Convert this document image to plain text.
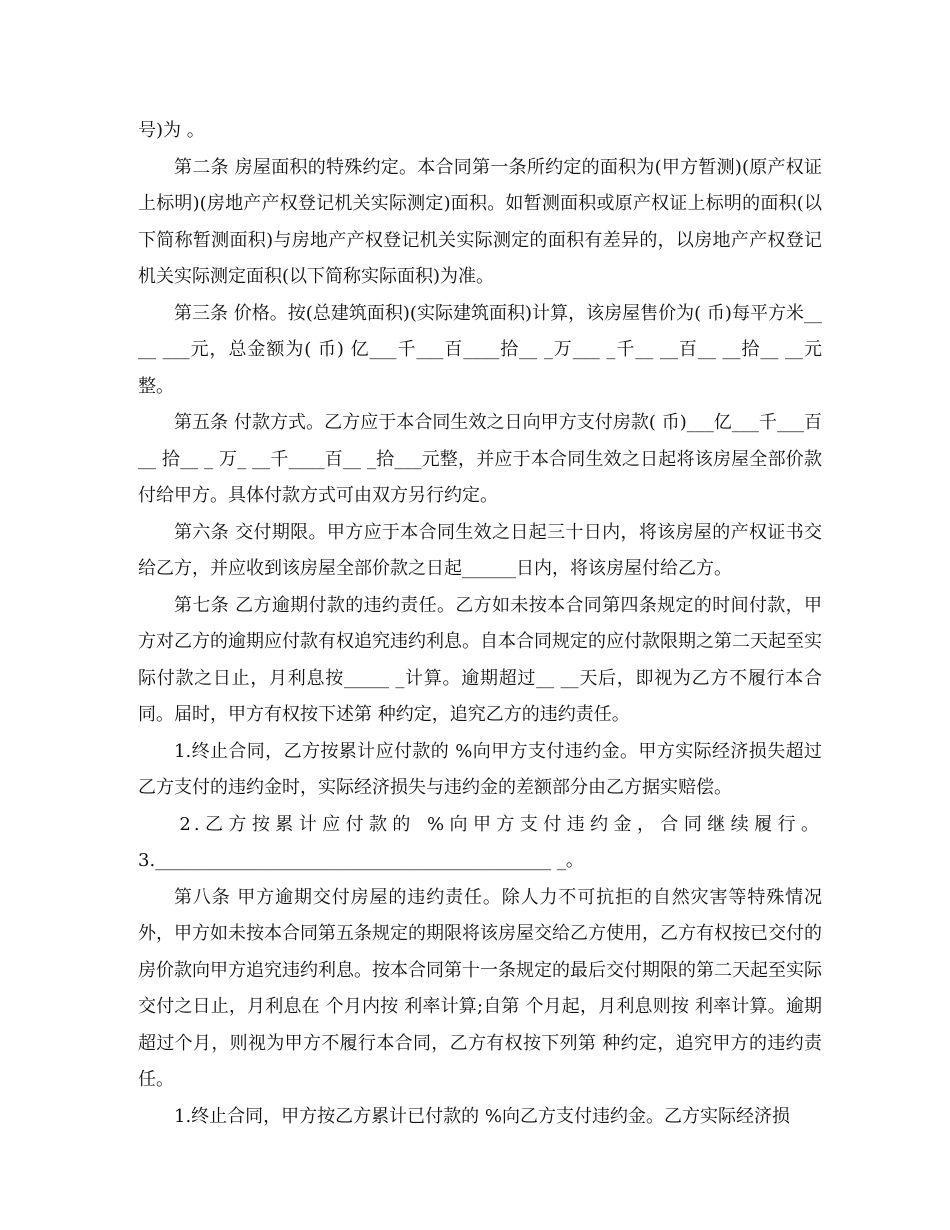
号)为 。

第二条 房屋面积的特殊约定。本合同第一条所约定的面积为(甲方暂测)(原产权证上标明)(房地产产权登记机关实际测定)面积。如暂测面积或原产权证上标明的面积(以下简称暂测面积)与房地产产权登记机关实际测定的面积有差异的，以房地产产权登记机关实际测定面积(以下简称实际面积)为准。

第三条 价格。按(总建筑面积)(实际建筑面积)计算，该房屋售价为( 币)每平方米____ ___元，总金额为( 币) 亿___千___百____拾__ _万___ _千__ __百__ __拾__ __元整。

第五条 付款方式。乙方应于本合同生效之日向甲方支付房款( 币)___亿___千___百__ 拾__ _ 万_ __千____百__ _拾___元整，并应于本合同生效之日起将该房屋全部价款付给甲方。具体付款方式可由双方另行约定。

第六条 交付期限。甲方应于本合同生效之日起三十日内，将该房屋的产权证书交给乙方，并应收到该房屋全部价款之日起______日内，将该房屋付给乙方。

第七条 乙方逾期付款的违约责任。乙方如未按本合同第四条规定的时间付款，甲方对乙方的逾期应付款有权追究违约利息。自本合同规定的应付款限期之第二天起至实际付款之日止，月利息按_____ _计算。逾期超过__ __天后，即视为乙方不履行本合同。届时，甲方有权按下述第 种约定，追究乙方的违约责任。

1.终止合同，乙方按累计应付款的 %向甲方支付违约金。甲方实际经济损失超过乙方支付的违约金时，实际经济损失与违约金的差额部分由乙方据实赔偿。

2.乙方按累计应付款的 %向甲方支付违约金，合同继续履行。

3.____________________________________________ _。

第八条 甲方逾期交付房屋的违约责任。除人力不可抗拒的自然灾害等特殊情况外，甲方如未按本合同第五条规定的期限将该房屋交给乙方使用，乙方有权按已交付的房价款向甲方追究违约利息。按本合同第十一条规定的最后交付期限的第二天起至实际交付之日止，月利息在 个月内按 利率计算;自第 个月起，月利息则按 利率计算。逾期超过个月，则视为甲方不履行本合同，乙方有权按下列第 种约定，追究甲方的违约责任。

1.终止合同，甲方按乙方累计已付款的 %向乙方支付违约金。乙方实际经济损
